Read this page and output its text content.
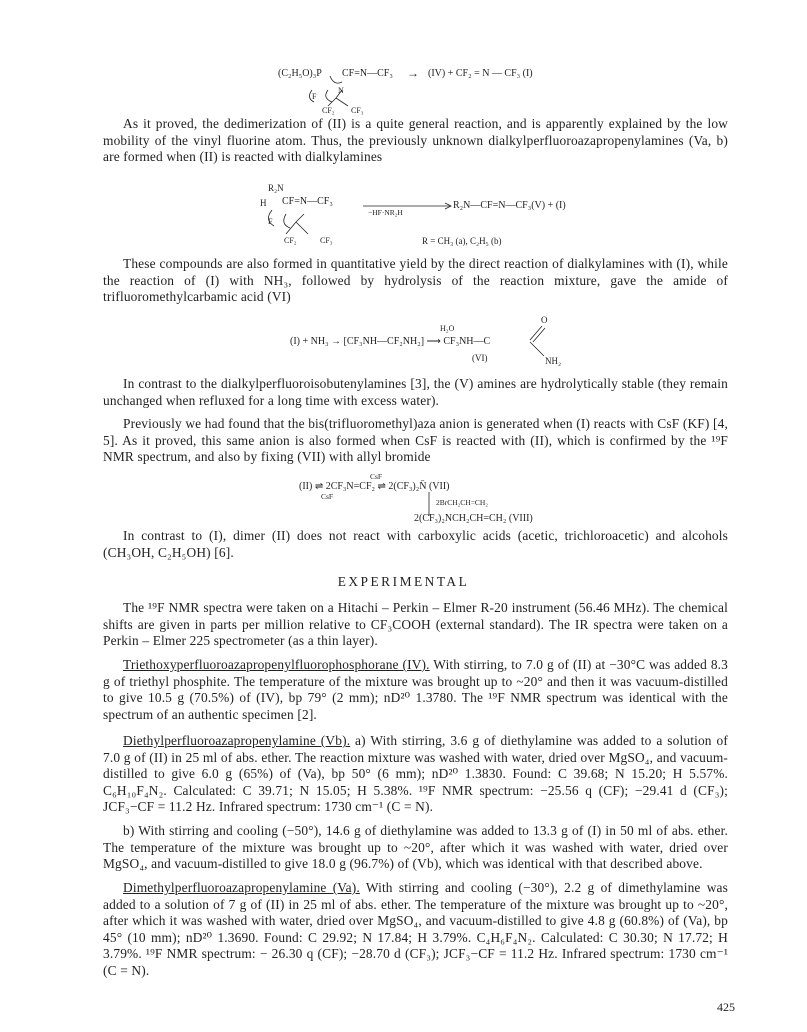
(C₂H₅O)₃P CF=N—CF₃ → (IV) + CF₂ = N — CF₃ (I)
F
N
CF₂ CF₃

As it proved, the dedimerization of (II) is a quite general reaction, and is apparently explained by the low mobility of the vinyl fluorine atom. Thus, the previously unknown dialkylperfluoroazapropenylamines (Va, b) are formed when (II) is reacted with dialkylamines

R₂N
H CF=N—CF₃
−HF·NR₂H
R₂N—CF=N—CF₃(V) + (I)
F
CF₂	CF₃	R = CH₃ (a), C₂H₅ (b)

These compounds are also formed in quantitative yield by the direct reaction of dialkylamines with (I), while the reaction of (I) with NH₃, followed by hydrolysis of the reaction mixture, gave the amide of trifluoromethylcarbamic acid (VI)

O
H₂O
(I) + NH₃ → [CF₃NH—CF₂NH₂] ⟶ CF₃NH—C
(VI)	NH₂

In contrast to the dialkylperfluoroisobutenylamines [3], the (V) amines are hydrolytically stable (they remain unchanged when refluxed for a long time with excess water).

Previously we had found that the bis(trifluoromethyl)aza anion is generated when (I) reacts with CsF (KF) [4, 5]. As it proved, this same anion is also formed when CsF is reacted with (II), which is confirmed by the ¹⁹F NMR spectrum, and also by fixing (VII) with allyl bromide

CsF
(II) ⇌ 2CF₃N=CF₂ ⇌ 2(CF₃)₂N̄ (VII)
CsF
2BrCH₂CH=CH₂
2(CF₃)₂NCH₂CH=CH₂ (VIII)

In contrast to (I), dimer (II) does not react with carboxylic acids (acetic, trichloroacetic) and alcohols (CH₃OH, C₂H₅OH) [6].

EXPERIMENTAL

The ¹⁹F NMR spectra were taken on a Hitachi – Perkin – Elmer R-20 instrument (56.46 MHz). The chemical shifts are given in parts per million relative to CF₃COOH (external standard). The IR spectra were taken on a Perkin – Elmer 225 spectrometer (as a thin layer).

Triethoxyperfluoroazapropenylfluorophosphorane (IV). With stirring, to 7.0 g of (II) at −30°C was added 8.3 g of triethyl phosphite. The temperature of the mixture was brought up to ~20° and then it was vacuum-distilled to give 10.5 g (70.5%) of (IV), bp 79° (2 mm); nD²⁰ 1.3780. The ¹⁹F NMR spectrum was identical with the spectrum of an authentic specimen [2].

Diethylperfluoroazapropenylamine (Vb). a) With stirring, 3.6 g of diethylamine was added to a solution of 7.0 g of (II) in 25 ml of abs. ether. The reaction mixture was washed with water, dried over MgSO₄, and vacuum-distilled to give 6.0 g (65%) of (Va), bp 50° (6 mm); nD²⁰ 1.3830. Found: C 39.68; N 15.20; H 5.57%. C₆H₁₀F₄N₂. Calculated: C 39.71; N 15.05; H 5.38%. ¹⁹F NMR spectrum: −25.56 q (CF); −29.41 d (CF₃); JCF₃−CF = 11.2 Hz. Infrared spectrum: 1730 cm⁻¹ (C = N).

b) With stirring and cooling (−50°), 14.6 g of diethylamine was added to 13.3 g of (I) in 50 ml of abs. ether. The temperature of the mixture was brought up to ~20°, after which it was washed with water, dried over MgSO₄, and vacuum-distilled to give 18.0 g (96.7%) of (Vb), which was identical with that described above.

Dimethylperfluoroazapropenylamine (Va). With stirring and cooling (−30°), 2.2 g of dimethylamine was added to a solution of 7 g of (II) in 25 ml of abs. ether. The temperature of the mixture was brought up to ~20°, after which it was washed with water, dried over MgSO₄, and vacuum-distilled to give 4.8 g (60.8%) of (Va), bp 45° (10 mm); nD²⁰ 1.3690. Found: C 29.92; N 17.84; H 3.79%. C₄H₆F₄N₂. Calculated: C 30.30; N 17.72; H 3.79%. ¹⁹F NMR spectrum: − 26.30 q (CF); −28.70 d (CF₃); JCF₃−CF = 11.2 Hz. Infrared spectrum: 1730 cm⁻¹ (C = N).

425
